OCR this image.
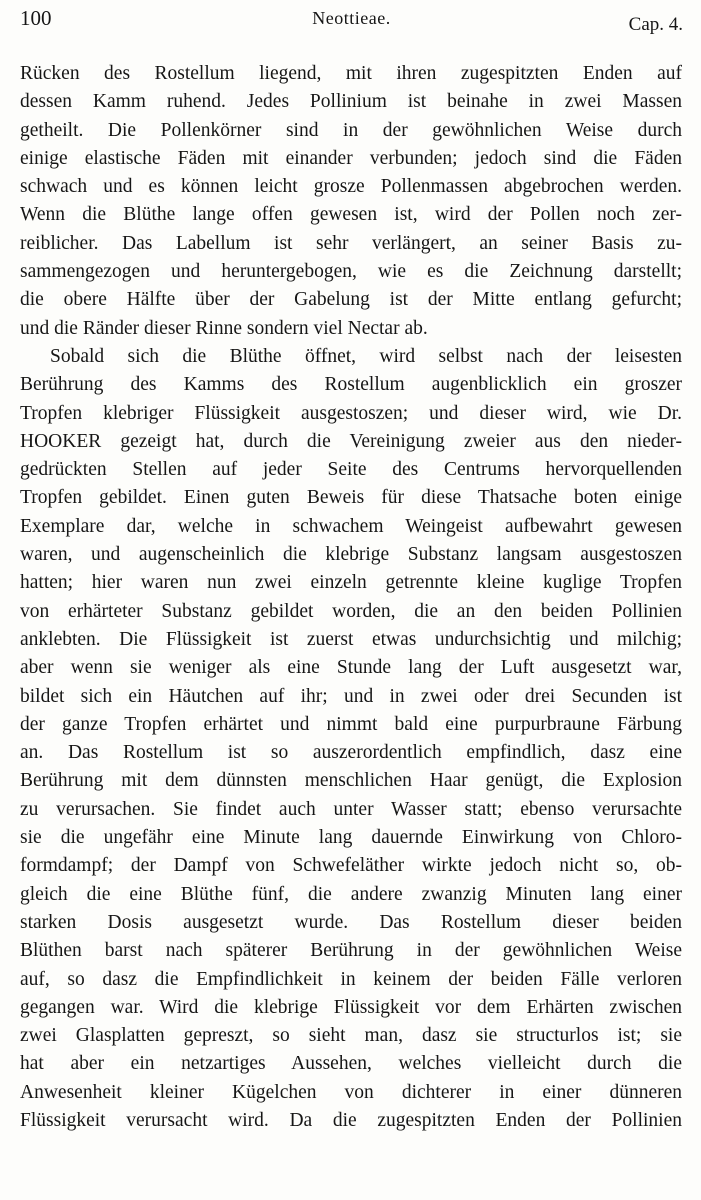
100	Neottieae.	Cap. 4.
Rücken des Rostellum liegend, mit ihren zugespitzten Enden auf
dessen Kamm ruhend. Jedes Pollinium ist beinahe in zwei Massen
getheilt. Die Pollenkörner sind in der gewöhnlichen Weise durch
einige elastische Fäden mit einander verbunden; jedoch sind die Fäden
schwach und es können leicht grosze Pollenmassen abgebrochen werden.
Wenn die Blüthe lange offen gewesen ist, wird der Pollen noch zer-
reiblicher. Das Labellum ist sehr verlängert, an seiner Basis zu-
sammengezogen und heruntergebogen, wie es die Zeichnung darstellt;
die obere Hälfte über der Gabelung ist der Mitte entlang gefurcht;
und die Ränder dieser Rinne sondern viel Nectar ab.
Sobald sich die Blüthe öffnet, wird selbst nach der leisesten
Berührung des Kamms des Rostellum augenblicklich ein groszer
Tropfen klebriger Flüssigkeit ausgestoszen; und dieser wird, wie Dr.
HOOKER gezeigt hat, durch die Vereinigung zweier aus den nieder-
gedrückten Stellen auf jeder Seite des Centrums hervorquellenden
Tropfen gebildet. Einen guten Beweis für diese Thatsache boten einige
Exemplare dar, welche in schwachem Weingeist aufbewahrt gewesen
waren, und augenscheinlich die klebrige Substanz langsam ausgestoszen
hatten; hier waren nun zwei einzeln getrennte kleine kuglige Tropfen
von erhärteter Substanz gebildet worden, die an den beiden Pollinien
anklebten. Die Flüssigkeit ist zuerst etwas undurchsichtig und milchig;
aber wenn sie weniger als eine Stunde lang der Luft ausgesetzt war,
bildet sich ein Häutchen auf ihr; und in zwei oder drei Secunden ist
der ganze Tropfen erhärtet und nimmt bald eine purpurbraune Färbung
an. Das Rostellum ist so auszerordentlich empfindlich, dasz eine
Berührung mit dem dünnsten menschlichen Haar genügt, die Explosion
zu verursachen. Sie findet auch unter Wasser statt; ebenso verursachte
sie die ungefähr eine Minute lang dauernde Einwirkung von Chloro-
formdampf; der Dampf von Schwefeläther wirkte jedoch nicht so, ob-
gleich die eine Blüthe fünf, die andere zwanzig Minuten lang einer
starken Dosis ausgesetzt wurde. Das Rostellum dieser beiden
Blüthen barst nach späterer Berührung in der gewöhnlichen Weise
auf, so dasz die Empfindlichkeit in keinem der beiden Fälle verloren
gegangen war. Wird die klebrige Flüssigkeit vor dem Erhärten zwischen
zwei Glasplatten gepreszt, so sieht man, dasz sie structurlos ist; sie
hat aber ein netzartiges Aussehen, welches vielleicht durch die
Anwesenheit kleiner Kügelchen von dichterer in einer dünneren
Flüssigkeit verursacht wird. Da die zugespitzten Enden der Pollinien
